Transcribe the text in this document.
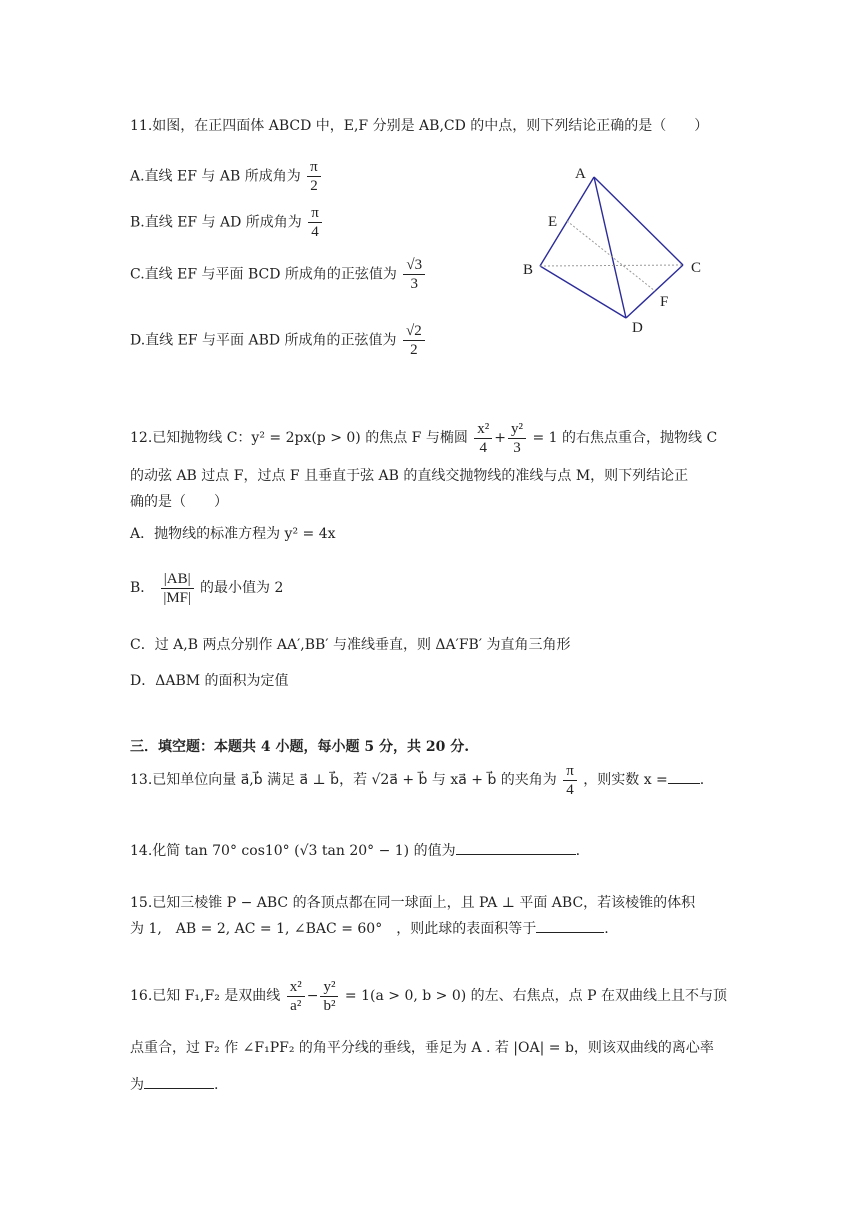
11.如图，在正四面体 ABCD 中，E,F 分别是 AB,CD 的中点，则下列结论正确的是（　　）
A.直线 EF 与 AB 所成角为 $\frac{\pi}{2}$
B.直线 EF 与 AD 所成角为 $\frac{\pi}{4}$
C.直线 EF 与平面 BCD 所成角的正弦值为 $\frac{√3}{3}$
D.直线 EF 与平面 ABD 所成角的正弦值为 $\frac{√2}{2}$
A
B	C
D
E
F
12.已知抛物线 C：y² = 2px(p > 0) 的焦点 F 与椭圆 $\frac{\text{x²}}{4} + \frac{\text{y²}}{3} = 1$ 的右焦点重合，抛物线 C
的动弦 AB 过点 F，过点 F 且垂直于弦 AB 的直线交抛物线的准线与点 M，则下列结论正
确的是（　　）
A．抛物线的标准方程为 y² = 4x
B． $\frac{|AB|}{|MF|}$ 的最小值为 2
C．过 A,B 两点分别作 AA′,BB′ 与准线垂直，则 ΔA′FB′ 为直角三角形
D．ΔABM 的面积为定值
三．填空题：本题共 4 小题，每小题 5 分，共 20 分.
13.已知单位向量 a⃗,b⃗ 满足 a⃗ ⊥ b⃗，若 √2a⃗ + b⃗ 与 xa⃗ + b⃗ 的夹角为 $\frac{\pi}{4}$ ，则实数 x = .
14.化简 tan 70° cos10° (√3 tan 20° − 1) 的值为	.
15.已知三棱锥 P − ABC 的各顶点都在同一球面上，且 PA ⊥ 平面 ABC，若该棱锥的体积
为 1,　AB = 2, AC = 1, ∠BAC = 60°　，则此球的表面积等于	.
16.已知 F₁,F₂ 是双曲线 $\frac{\text{x²}}{\text{a²}} - \frac{\text{y²}}{\text{b²}} = 1(a > 0$, b > 0) 的左、右焦点，点 P 在双曲线上且不与顶
点重合，过 F₂ 作 ∠F₁PF₂ 的角平分线的垂线，垂足为 A . 若 |OA| = b，则该双曲线的离心率
为	.
